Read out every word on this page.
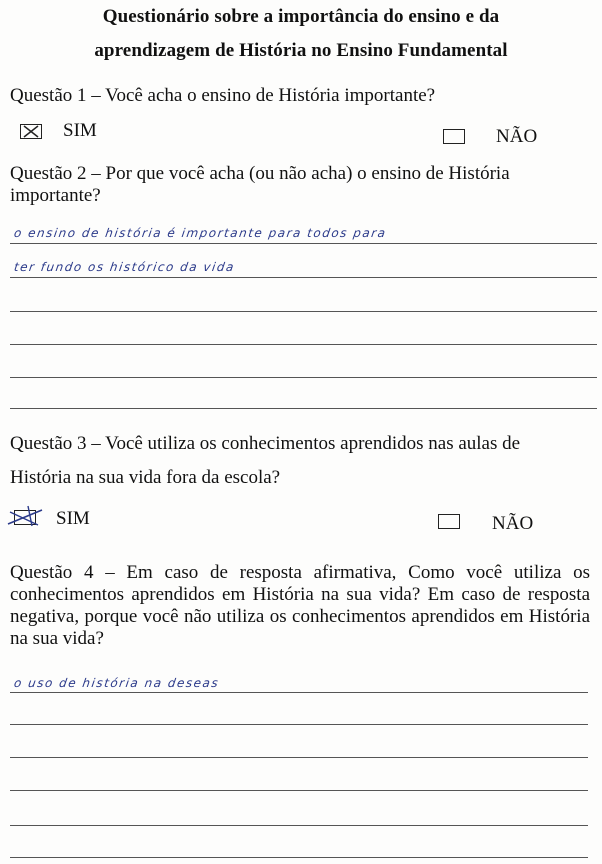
Questionário sobre a importância do ensino e da
aprendizagem de História no Ensino Fundamental
Questão 1 – Você acha o ensino de História importante?
SIM	NÃO
Questão 2 – Por que você acha (ou não acha) o ensino de História importante?
o ensino de história é importante para todos para
ter fundo os histórico da vida
Questão 3 – Você utiliza os conhecimentos aprendidos nas aulas de
História na sua vida fora da escola?
SIM	NÃO
Questão 4 – Em caso de resposta afirmativa, Como você utiliza os conhecimentos aprendidos em História na sua vida? Em caso de resposta negativa, porque você não utiliza os conhecimentos aprendidos em História na sua vida?
o uso de história na deseas
